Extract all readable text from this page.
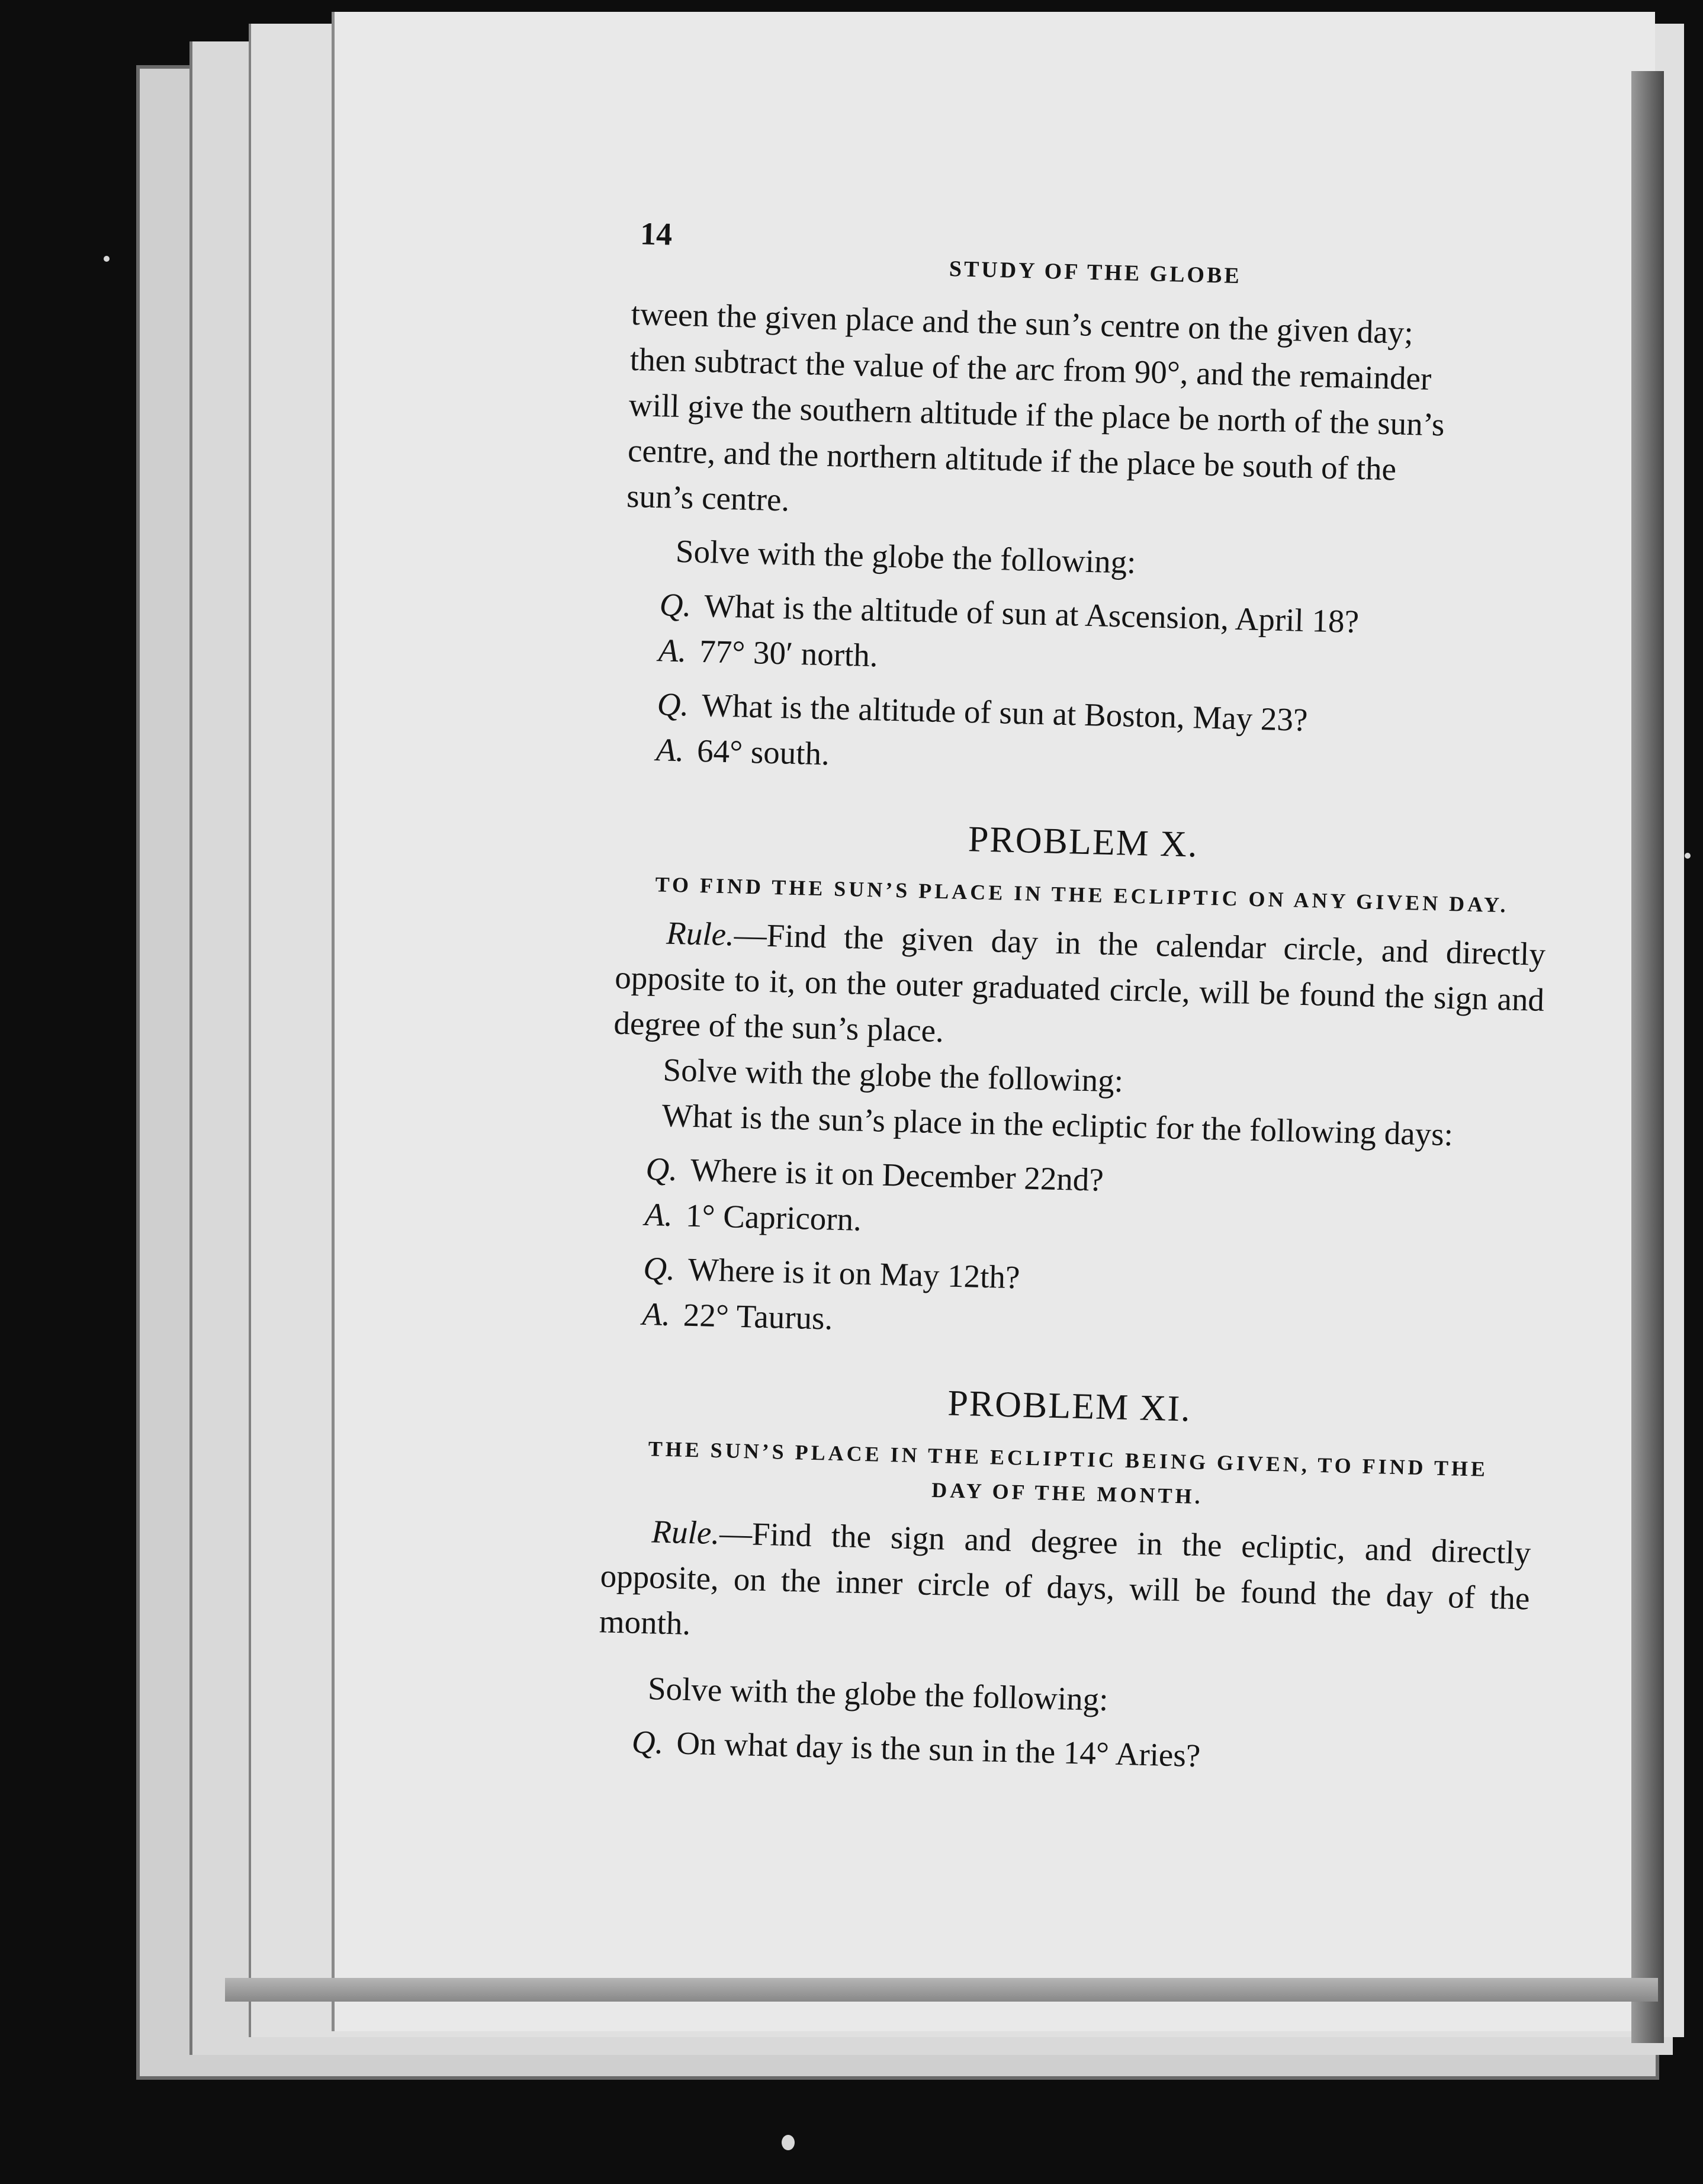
14
STUDY OF THE GLOBE
tween the given place and the sun’s centre on the given day;
then subtract the value of the arc from 90°, and the remainder
will give the southern altitude if the place be north of the sun’s
centre, and the northern altitude if the place be south of the
sun’s centre.

Solve with the globe the following:

Q. What is the altitude of sun at Ascension, April 18?

A. 77° 30′ north.

Q. What is the altitude of sun at Boston, May 23?

A. 64° south.

PROBLEM X.
TO FIND THE SUN’S PLACE IN THE ECLIPTIC ON ANY GIVEN DAY.

Rule.—Find the given day in the calendar circle, and directly opposite to it, on the outer graduated circle, will be found the sign and degree of the sun’s place.

Solve with the globe the following:

What is the sun’s place in the ecliptic for the following days:

Q. Where is it on December 22nd?

A. 1° Capricorn.

Q. Where is it on May 12th?

A. 22° Taurus.

PROBLEM XI.
THE SUN’S PLACE IN THE ECLIPTIC BEING GIVEN, TO FIND THE
DAY OF THE MONTH.

Rule.—Find the sign and degree in the ecliptic, and directly opposite, on the inner circle of days, will be found the day of the month.

Solve with the globe the following:

Q. On what day is the sun in the 14° Aries?
